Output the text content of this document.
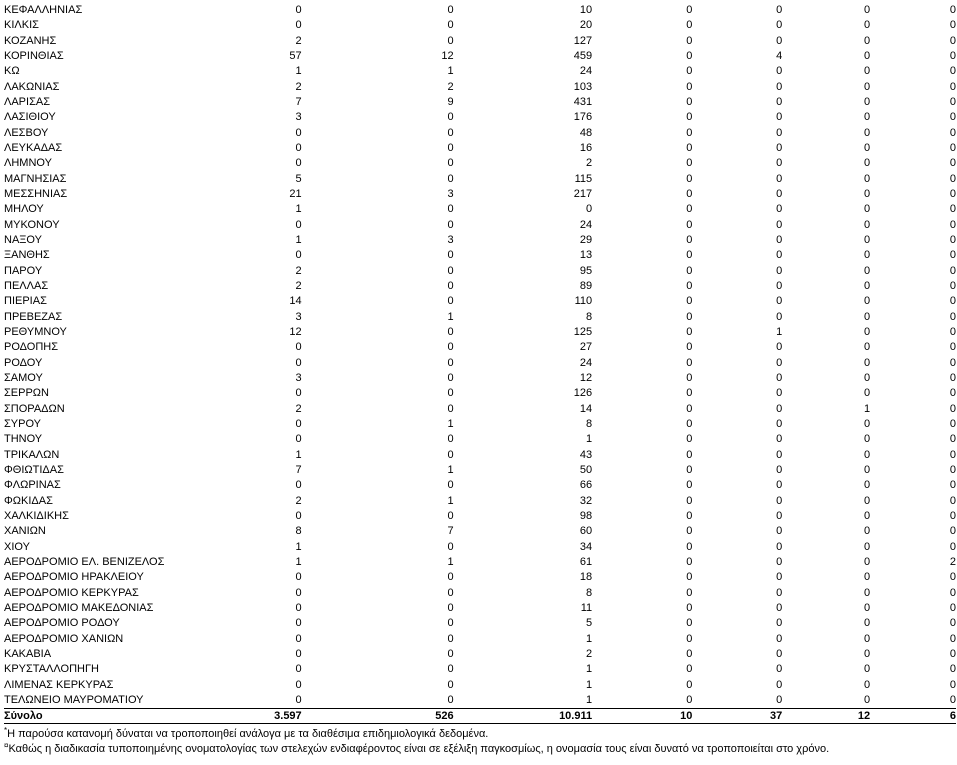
ΚΕΦΑΛΛΗΝΙΑΣ	0	0	10	0	0	0	0
ΚΙΛΚΙΣ	0	0	20	0	0	0	0
ΚΟΖΑΝΗΣ	2	0	127	0	0	0	0
ΚΟΡΙΝΘΙΑΣ	57	12	459	0	4	0	0
ΚΩ	1	1	24	0	0	0	0
ΛΑΚΩΝΙΑΣ	2	2	103	0	0	0	0
ΛΑΡΙΣΑΣ	7	9	431	0	0	0	0
ΛΑΣΙΘΙΟΥ	3	0	176	0	0	0	0
ΛΕΣΒΟΥ	0	0	48	0	0	0	0
ΛΕΥΚΑΔΑΣ	0	0	16	0	0	0	0
ΛΗΜΝΟΥ	0	0	2	0	0	0	0
ΜΑΓΝΗΣΙΑΣ	5	0	115	0	0	0	0
ΜΕΣΣΗΝΙΑΣ	21	3	217	0	0	0	0
ΜΗΛΟΥ	1	0	0	0	0	0	0
ΜΥΚΟΝΟΥ	0	0	24	0	0	0	0
ΝΑΞΟΥ	1	3	29	0	0	0	0
ΞΑΝΘΗΣ	0	0	13	0	0	0	0
ΠΑΡΟΥ	2	0	95	0	0	0	0
ΠΕΛΛΑΣ	2	0	89	0	0	0	0
ΠΙΕΡΙΑΣ	14	0	110	0	0	0	0
ΠΡΕΒΕΖΑΣ	3	1	8	0	0	0	0
ΡΕΘΥΜΝΟΥ	12	0	125	0	1	0	0
ΡΟΔΟΠΗΣ	0	0	27	0	0	0	0
ΡΟΔΟΥ	0	0	24	0	0	0	0
ΣΑΜΟΥ	3	0	12	0	0	0	0
ΣΕΡΡΩΝ	0	0	126	0	0	0	0
ΣΠΟΡΑΔΩΝ	2	0	14	0	0	1	0
ΣΥΡΟΥ	0	1	8	0	0	0	0
ΤΗΝΟΥ	0	0	1	0	0	0	0
ΤΡΙΚΑΛΩΝ	1	0	43	0	0	0	0
ΦΘΙΩΤΙΔΑΣ	7	1	50	0	0	0	0
ΦΛΩΡΙΝΑΣ	0	0	66	0	0	0	0
ΦΩΚΙΔΑΣ	2	1	32	0	0	0	0
ΧΑΛΚΙΔΙΚΗΣ	0	0	98	0	0	0	0
ΧΑΝΙΩΝ	8	7	60	0	0	0	0
ΧΙΟΥ	1	0	34	0	0	0	0
ΑΕΡΟΔΡΟΜΙΟ ΕΛ. ΒΕΝΙΖΕΛΟΣ	1	1	61	0	0	0	2
ΑΕΡΟΔΡΟΜΙΟ ΗΡΑΚΛΕΙΟΥ	0	0	18	0	0	0	0
ΑΕΡΟΔΡΟΜΙΟ ΚΕΡΚΥΡΑΣ	0	0	8	0	0	0	0
ΑΕΡΟΔΡΟΜΙΟ ΜΑΚΕΔΟΝΙΑΣ	0	0	11	0	0	0	0
ΑΕΡΟΔΡΟΜΙΟ ΡΟΔΟΥ	0	0	5	0	0	0	0
ΑΕΡΟΔΡΟΜΙΟ ΧΑΝΙΩΝ	0	0	1	0	0	0	0
ΚΑΚΑΒΙΑ	0	0	2	0	0	0	0
ΚΡΥΣΤΑΛΛΟΠΗΓΗ	0	0	1	0	0	0	0
ΛΙΜΕΝΑΣ ΚΕΡΚΥΡΑΣ	0	0	1	0	0	0	0
ΤΕΛΩΝΕΙΟ ΜΑΥΡΟΜΑΤΙΟΥ	0	0	1	0	0	0	0
Σύνολο	3.597	526	10.911	10	37	12	6
*Η παρούσα κατανομή δύναται να τροποποιηθεί ανάλογα με τα διαθέσιμα επιδημιολογικά δεδομένα.
¤Καθώς η διαδικασία τυποποιημένης ονοματολογίας των στελεχών ενδιαφέροντος είναι σε εξέλιξη παγκοσμίως, η ονομασία τους είναι δυνατό να τροποποιείται στο χρόνο.
